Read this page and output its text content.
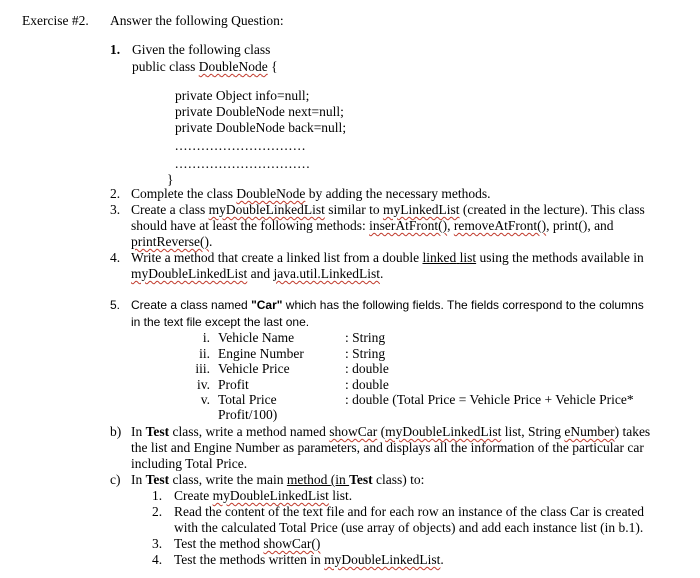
Exercise #2. Answer the following Question:
1. Given the following class
public class DoubleNode {
private Object info=null;
private DoubleNode next=null;
private DoubleNode back=null;
..............................
...............................
}
2. Complete the class DoubleNode by adding the necessary methods.
3. Create a class myDoubleLinkedList similar to myLinkedList (created in the lecture). This class
should have at least the following methods: inserAtFront(), removeAtFront(), print(), and
printReverse().
4. Write a method that create a linked list from a double linked list using the methods available in
myDoubleLinkedList and java.util.LinkedList.
5. Create a class named "Car" which has the following fields. The fields correspond to the columns
in the text file except the last one.
i. Vehicle Name	: String
ii. Engine Number	: String
iii. Vehicle Price	: double
iv. Profit	: double
v. Total Price	: double (Total Price = Vehicle Price + Vehicle Price*
Profit/100)
b) In Test class, write a method named showCar (myDoubleLinkedList list, String eNumber) takes
the list and Engine Number as parameters, and displays all the information of the particular car
including Total Price.
c) In Test class, write the main method (in Test class) to:
1. Create myDoubleLinkedList list.
2. Read the content of the text file and for each row an instance of the class Car is created
with the calculated Total Price (use array of objects) and add each instance list (in b.1).
3. Test the method showCar()
4. Test the methods written in myDoubleLinkedList.
